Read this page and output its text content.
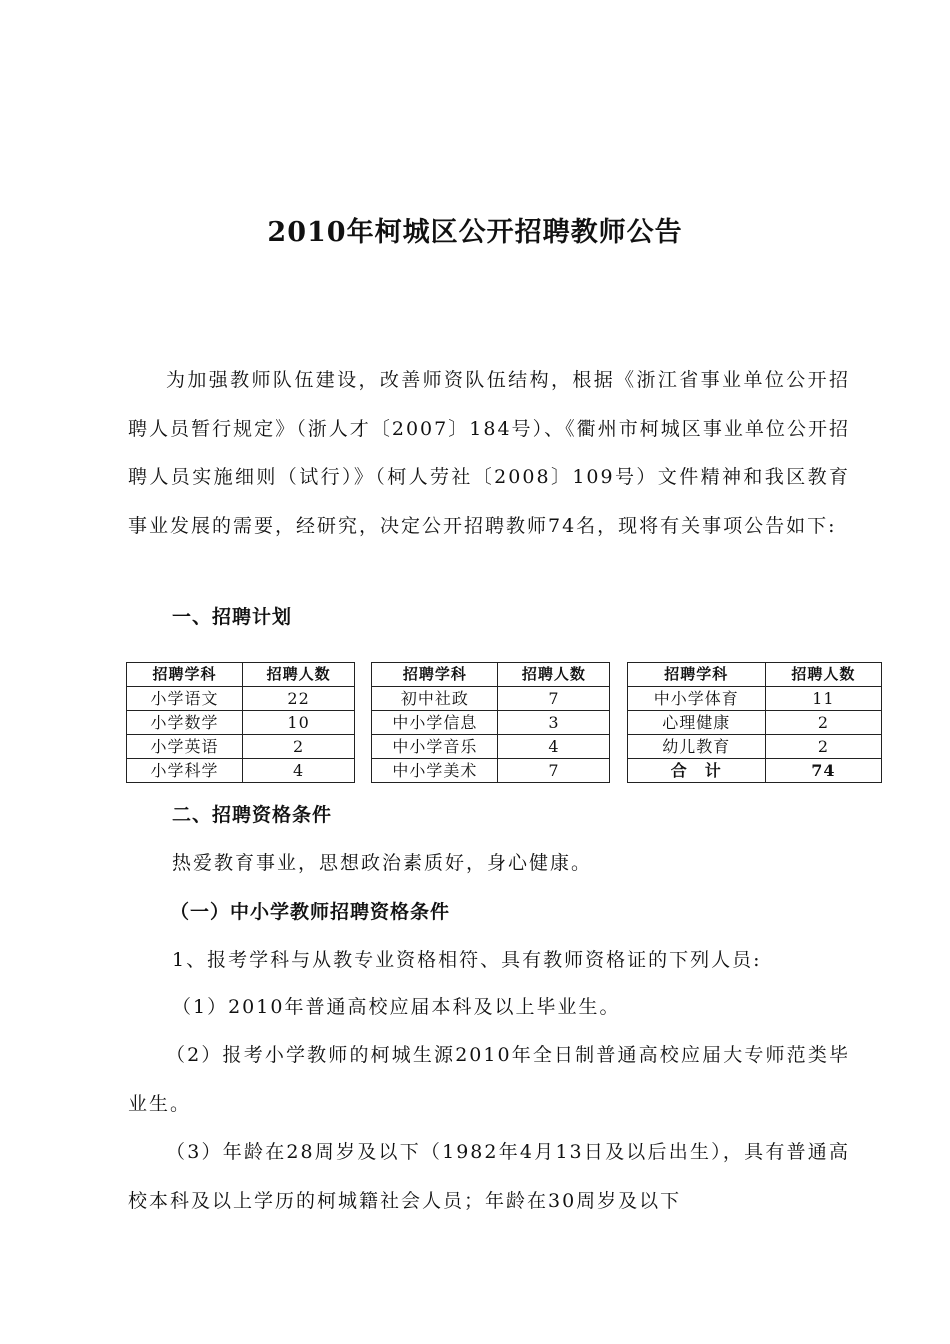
2010年柯城区公开招聘教师公告

为加强教师队伍建设，改善师资队伍结构，根据《浙江省事业单位公开招聘人员暂行规定》（浙人才〔2007〕184号）、《衢州市柯城区事业单位公开招聘人员实施细则（试行）》（柯人劳社〔2008〕109号）文件精神和我区教育事业发展的需要，经研究，决定公开招聘教师74名，现将有关事项公告如下:

一、招聘计划
招聘学科	招聘人数		招聘学科	招聘人数		招聘学科	招聘人数
小学语文	22		初中社政	7		中小学体育	11
小学数学	10		中小学信息	3		心理健康	2
小学英语	2		中小学音乐	4		幼儿教育	2
小学科学	4		中小学美术	7		合　计	74
二、招聘资格条件
热爱教育事业，思想政治素质好，身心健康。
（一）中小学教师招聘资格条件
1、报考学科与从教专业资格相符、具有教师资格证的下列人员:
（1）2010年普通高校应届本科及以上毕业生。

（2）报考小学教师的柯城生源2010年全日制普通高校应届大专师范类毕业生。

（3）年龄在28周岁及以下（1982年4月13日及以后出生），具有普通高校本科及以上学历的柯城籍社会人员；年龄在30周岁及以下
